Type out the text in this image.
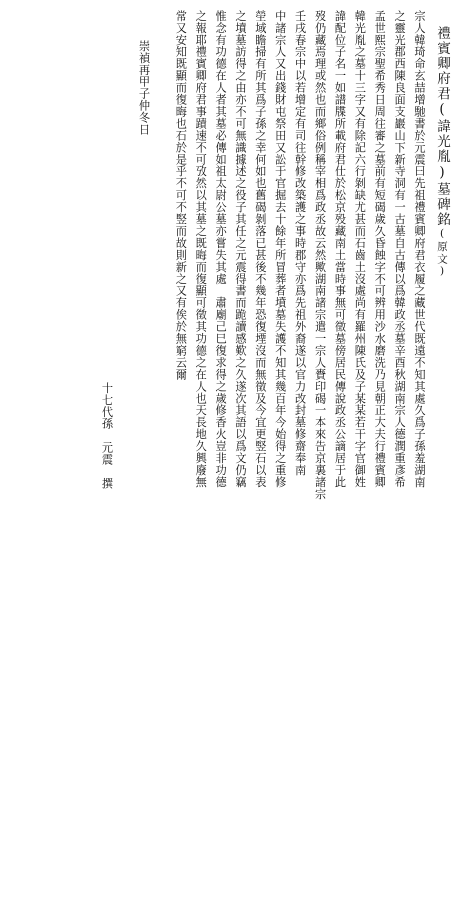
禮賓卿府君(諱光胤)墓碑銘(原文)
宗人韓琦命玄喆增馳書於元震曰先祖禮賓卿府君衣履之藏世代既遠不知其處久爲子孫羞湖南
之靈光郡西陳良面支巖山下新寺洞有一古墓自古傳以爲韓政丞墓辛酉秋湖南宗人德潤重彥希
孟世熙宗聖希秀日周往審之墓前有短碣歲久昏蝕字不可辨用沙水磨洗乃見朝正大夫行禮賓卿
韓光胤之墓十三字又有除記六行剝缺尤甚而石齒土沒處尚有羅州陳氏及子某某若干字官御姓
諱配位子名一如譜牒所載府君仕於松京殁藏南土當時事無可徵墓傍居民傳說政丞公謫居于此
歿仍藏焉理或然也而鄉俗例稱宰相爲政丞故云然歟湖南諸宗遣一宗人賚印碣一本來告京裏諸宗
壬戌春宗中以若增定有司往幹修改築護之事時郡守亦爲先祖外裔遂以官力改封墓修齋奉南
中諸宗人又出錢財屯祭田又訟于官掘去十餘年所冒葬者墳墓失護不知其幾百年今始得之重修
塋域瞻掃有所其爲子孫之幸何如也舊碣剝落已甚後不幾年恐復堙沒而無徵及今宜更竪石以表
之墳墓訪得之由亦不可無識據述之役子其任之元震得書而跪讀感歎之久遂次其語以爲文仍竊
惟念有功德在人者其墓必傳如祖太尉公墓亦嘗失其處　肅廟己巳復求得之歲修香火豈非功德
之報耶禮賓卿府君事蹟速不可攷然以其墓之既晦而復顯可徵其功德之在人也天長地久興廢無
常又安知既顯而復晦也石於是乎不可不竪而故則新之又有俟於無窮云爾
崇禎再甲子仲冬日
十七代孫　元震　撰
